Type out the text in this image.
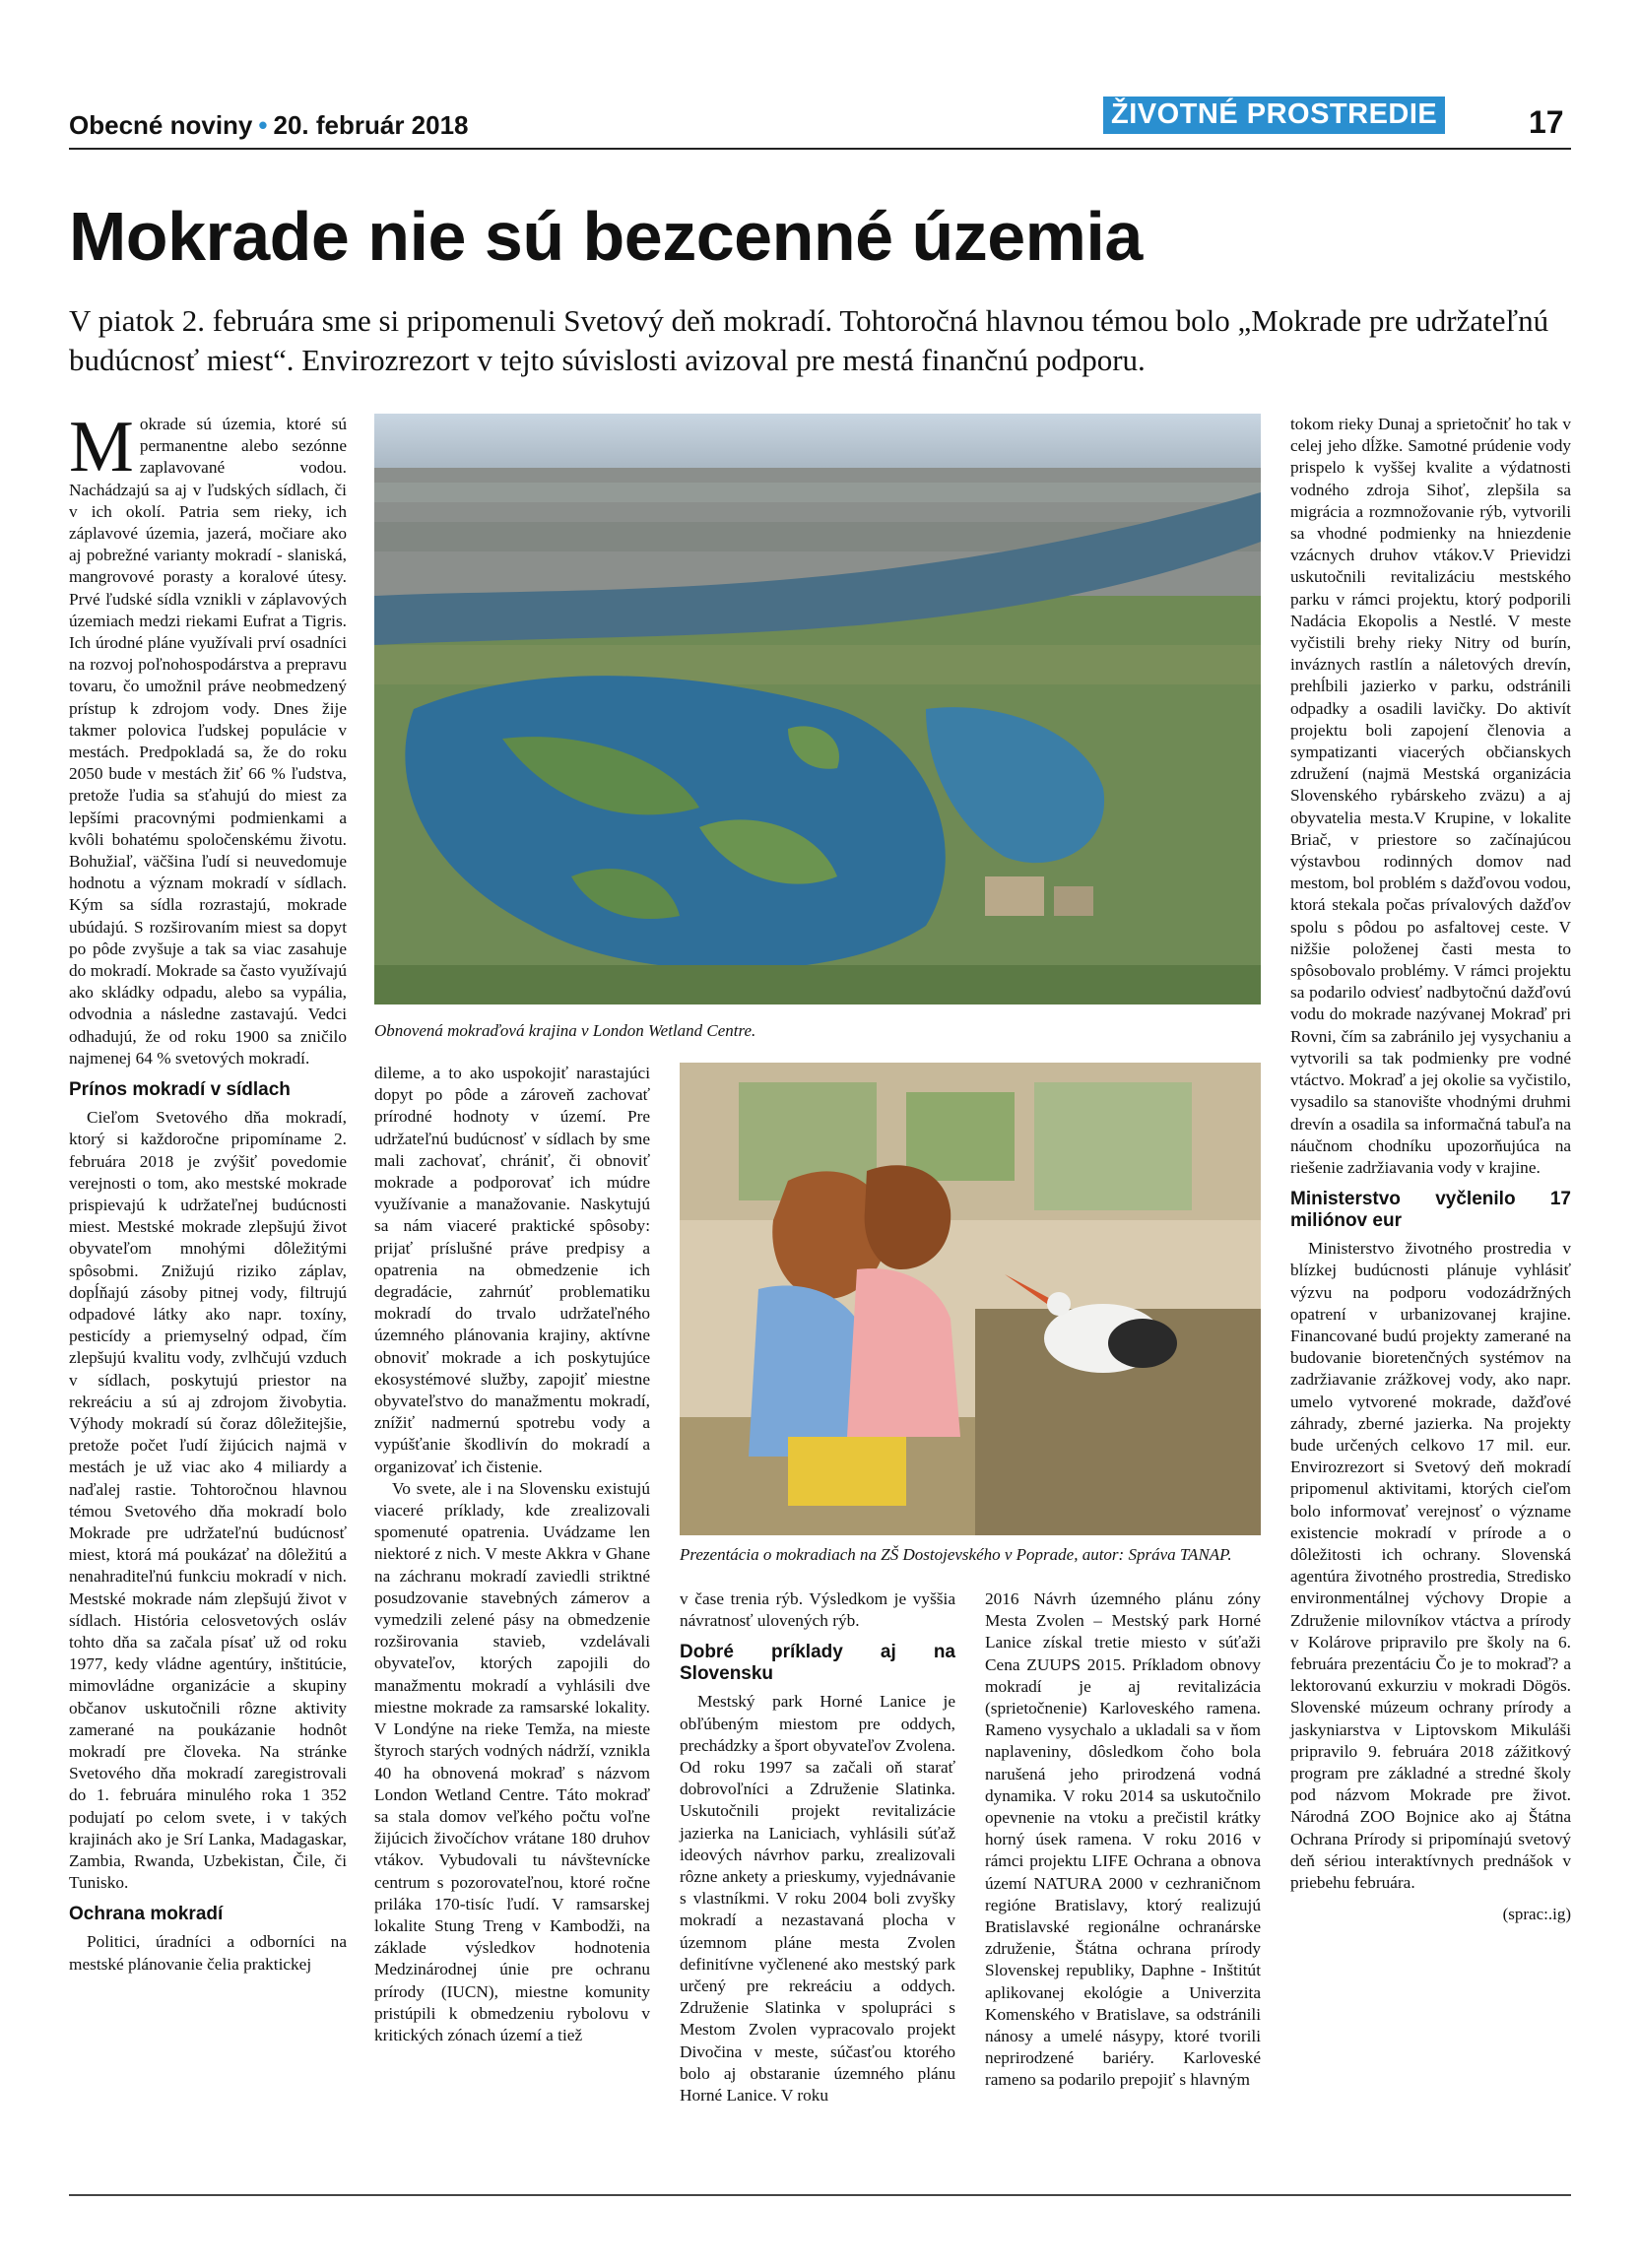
Obecné noviny • 20. február 2018	ŽIVOTNÉ PROSTREDIE	17
Mokrade nie sú bezcenné územia
V piatok 2. februára sme si pripomenuli Svetový deň mokradí. Tohtoročná hlavnou témou bolo „Mokrade pre udržateľnú budúcnosť miest“. Envirozrezort v tejto súvislosti avizoval pre mestá finančnú podporu.

Mokrade sú územia, ktoré sú permanentne alebo sezónne zaplavované vodou. Nachádzajú sa aj v ľudských sídlach, či v ich okolí. Patria sem rieky, ich záplavové územia, jazerá, močiare ako aj pobrežné varianty mokradí - slaniská, mangrovové porasty a koralové útesy. Prvé ľudské sídla vznikli v záplavových územiach medzi riekami Eufrat a Tigris. Ich úrodné pláne využívali prví osadníci na rozvoj poľnohospodárstva a prepravu tovaru, čo umožnil práve neobmedzený prístup k zdrojom vody. Dnes žije takmer polovica ľudskej populácie v mestách. Predpokladá sa, že do roku 2050 bude v mestách žiť 66 % ľudstva, pretože ľudia sa sťahujú do miest za lepšími pracovnými podmienkami a kvôli bohatému spoločenskému životu. Bohužiaľ, väčšina ľudí si neuvedomuje hodnotu a význam mokradí v sídlach. Kým sa sídla rozrastajú, mokrade ubúdajú. S rozširovaním miest sa dopyt po pôde zvyšuje a tak sa viac zasahuje do mokradí. Mokrade sa často využívajú ako skládky odpadu, alebo sa vypália, odvodnia a následne zastavajú. Vedci odhadujú, že od roku 1900 sa zničilo najmenej 64 % svetových mokradí.

Prínos mokradí v sídlach

Cieľom Svetového dňa mokradí, ktorý si každoročne pripomíname 2. februára 2018 je zvýšiť povedomie verejnosti o tom, ako mestské mokrade prispievajú k udržateľnej budúcnosti miest. Mestské mokrade zlepšujú život obyvateľom mnohými dôležitými spôsobmi. Znižujú riziko záplav, dopĺňajú zásoby pitnej vody, filtrujú odpadové látky ako napr. toxíny, pesticídy a priemyselný odpad, čím zlepšujú kvalitu vody, zvlhčujú vzduch v sídlach, poskytujú priestor na rekreáciu a sú aj zdrojom živobytia. Výhody mokradí sú čoraz dôležitejšie, pretože počet ľudí žijúcich najmä v mestách je už viac ako 4 miliardy a naďalej rastie. Tohtoročnou hlavnou témou Svetového dňa mokradí bolo Mokrade pre udržateľnú budúcnosť miest, ktorá má poukázať na dôležitú a nenahraditeľnú funkciu mokradí v nich. Mestské mokrade nám zlepšujú život v sídlach. História celosvetových osláv tohto dňa sa začala písať už od roku 1977, kedy vládne agentúry, inštitúcie, mimovládne organizácie a skupiny občanov uskutočnili rôzne aktivity zamerané na poukázanie hodnôt mokradí pre človeka. Na stránke Svetového dňa mokradí zaregistrovali do 1. februára minulého roka 1 352 podujatí po celom svete, i v takých krajinách ako je Srí Lanka, Madagaskar, Zambia, Rwanda, Uzbekistan, Čile, či Tunisko.

Ochrana mokradí

Politici, úradníci a odborníci na mestské plánovanie čelia praktickej

Obnovená mokraďová krajina v London Wetland Centre.

dileme, a to ako uspokojiť narastajúci dopyt po pôde a zároveň zachovať prírodné hodnoty v území. Pre udržateľnú budúcnosť v sídlach by sme mali zachovať, chrániť, či obnoviť mokrade a podporovať ich múdre využívanie a manažovanie. Naskytujú sa nám viaceré praktické spôsoby: prijať príslušné práve predpisy a opatrenia na obmedzenie ich degradácie, zahrnúť problematiku mokradí do trvalo udržateľného územného plánovania krajiny, aktívne obnoviť mokrade a ich poskytujúce ekosystémové služby, zapojiť miestne obyvateľstvo do manažmentu mokradí, znížiť nadmernú spotrebu vody a vypúšťanie škodlivín do mokradí a organizovať ich čistenie.

Vo svete, ale i na Slovensku existujú viaceré príklady, kde zrealizovali spomenuté opatrenia. Uvádzame len niektoré z nich. V meste Akkra v Ghane na záchranu mokradí zaviedli striktné posudzovanie stavebných zámerov a vymedzili zelené pásy na obmedzenie rozširovania stavieb, vzdelávali obyvateľov, ktorých zapojili do manažmentu mokradí a vyhlásili dve miestne mokrade za ramsarské lokality. V Londýne na rieke Temža, na mieste štyroch starých vodných nádrží, vznikla 40 ha obnovená mokraď s názvom London Wetland Centre. Táto mokraď sa stala domov veľkého počtu voľne žijúcich živočíchov vrátane 180 druhov vtákov. Vybudovali tu návštevnícke centrum s pozorovateľnou, ktoré ročne priláka 170-tisíc ľudí. V ramsarskej lokalite Stung Treng v Kambodži, na základe výsledkov hodnotenia Medzinárodnej únie pre ochranu prírody (IUCN), miestne komunity pristúpili k obmedzeniu rybolovu v kritických zónach území a tiež

Prezentácia o mokradiach na ZŠ Dostojevského v Poprade, autor: Správa TANAP.

v čase trenia rýb. Výsledkom je vyššia návratnosť ulovených rýb.

Dobré príklady aj na Slovensku

Mestský park Horné Lanice je obľúbeným miestom pre oddych, prechádzky a šport obyvateľov Zvolena. Od roku 1997 sa začali oň starať dobrovoľníci a Združenie Slatinka. Uskutočnili projekt revitalizácie jazierka na Laniciach, vyhlásili súťaž ideových návrhov parku, zrealizovali rôzne ankety a prieskumy, vyjednávanie s vlastníkmi. V roku 2004 boli zvyšky mokradí a nezastavaná plocha v územnom pláne mesta Zvolen definitívne vyčlenené ako mestský park určený pre rekreáciu a oddych. Združenie Slatinka v spolupráci s Mestom Zvolen vypracovalo projekt Divočina v meste, súčasťou ktorého bolo aj obstaranie územného plánu Horné Lanice. V roku

2016 Návrh územného plánu zóny Mesta Zvolen – Mestský park Horné Lanice získal tretie miesto v súťaži Cena ZUUPS 2015. Príkladom obnovy mokradí je aj revitalizácia (sprietočnenie) Karloveského ramena. Rameno vysychalo a ukladali sa v ňom naplaveniny, dôsledkom čoho bola narušená jeho prirodzená vodná dynamika. V roku 2014 sa uskutočnilo opevnenie na vtoku a prečistil krátky horný úsek ramena. V roku 2016 v rámci projektu LIFE Ochrana a obnova území NATURA 2000 v cezhraničnom regióne Bratislavy, ktorý realizujú Bratislavské regionálne ochranárske združenie, Štátna ochrana prírody Slovenskej republiky, Daphne - Inštitút aplikovanej ekológie a Univerzita Komenského v Bratislave, sa odstránili nánosy a umelé násypy, ktoré tvorili neprirodzené bariéry. Karloveské rameno sa podarilo prepojiť s hlavným

tokom rieky Dunaj a sprietočniť ho tak v celej jeho dĺžke. Samotné prúdenie vody prispelo k vyššej kvalite a výdatnosti vodného zdroja Sihoť, zlepšila sa migrácia a rozmnožovanie rýb, vytvorili sa vhodné podmienky na hniezdenie vzácnych druhov vtákov.V Prievidzi uskutočnili revitalizáciu mestského parku v rámci projektu, ktorý podporili Nadácia Ekopolis a Nestlé. V meste vyčistili brehy rieky Nitry od burín, inváznych rastlín a náletových drevín, prehĺbili jazierko v parku, odstránili odpadky a osadili lavičky. Do aktivít projektu boli zapojení členovia a sympatizanti viacerých občianskych združení (najmä Mestská organizácia Slovenského rybárskeho zväzu) a aj obyvatelia mesta.V Krupine, v lokalite Briač, v priestore so začínajúcou výstavbou rodinných domov nad mestom, bol problém s dažďovou vodou, ktorá stekala počas prívalových dažďov spolu s pôdou po asfaltovej ceste. V nižšie položenej časti mesta to spôsobovalo problémy. V rámci projektu sa podarilo odviesť nadbytočnú dažďovú vodu do mokrade nazývanej Mokraď pri Rovni, čím sa zabránilo jej vysychaniu a vytvorili sa tak podmienky pre vodné vtáctvo. Mokraď a jej okolie sa vyčistilo, vysadilo sa stanovište vhodnými druhmi drevín a osadila sa informačná tabuľa na náučnom chodníku upozorňujúca na riešenie zadržiavania vody v krajine.

Ministerstvo vyčlenilo 17 miliónov eur

Ministerstvo životného prostredia v blízkej budúcnosti plánuje vyhlásiť výzvu na podporu vodozádržných opatrení v urbanizovanej krajine. Financované budú projekty zamerané na budovanie bioretenčných systémov na zadržiavanie zrážkovej vody, ako napr. umelo vytvorené mokrade, dažďové záhrady, zberné jazierka. Na projekty bude určených celkovo 17 mil. eur. Envirozrezort si Svetový deň mokradí pripomenul aktivitami, ktorých cieľom bolo informovať verejnosť o význame existencie mokradí v prírode a o dôležitosti ich ochrany. Slovenská agentúra životného prostredia, Stredisko environmentálnej výchovy Dropie a Združenie milovníkov vtáctva a prírody v Kolárove pripravilo pre školy na 6. februára prezentáciu Čo je to mokraď? a lektorovanú exkurziu v mokradi Dögös. Slovenské múzeum ochrany prírody a jaskyniarstva v Liptovskom Mikuláši pripravilo 9. februára 2018 zážitkový program pre základné a stredné školy pod názvom Mokrade pre život. Národná ZOO Bojnice ako aj Štátna Ochrana Prírody si pripomínajú svetový deň sériou interaktívnych prednášok v priebehu februára.

(sprac:.ig)
